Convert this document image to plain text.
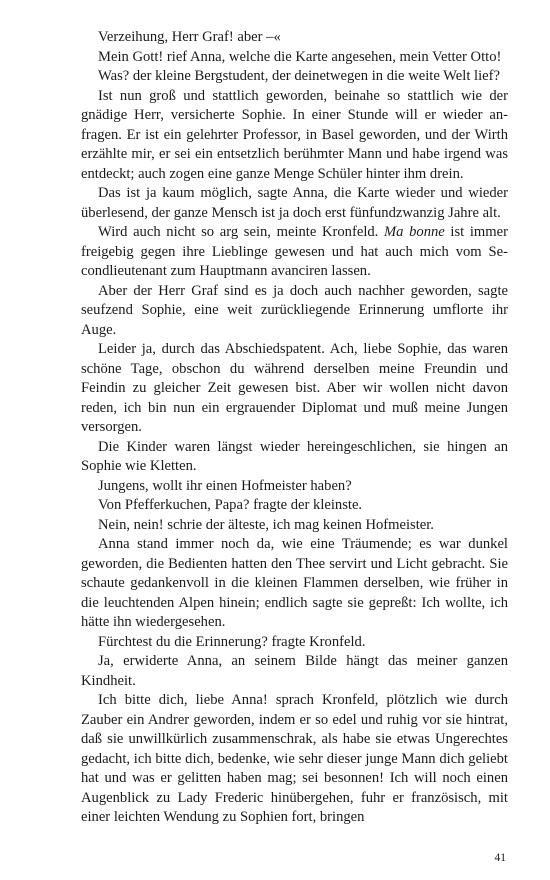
Verzeihung, Herr Graf! aber –«

Mein Gott! rief Anna, welche die Karte angesehen, mein Vetter Otto!

Was? der kleine Bergstudent, der deinetwegen in die weite Welt lief?

Ist nun groß und stattlich geworden, beinahe so stattlich wie der gnädige Herr, versicherte Sophie. In einer Stunde will er wieder anfragen. Er ist ein gelehrter Professor, in Basel geworden, und der Wirth erzählte mir, er sei ein entsetzlich berühmter Mann und habe irgend was entdeckt; auch zogen eine ganze Menge Schüler hinter ihm drein.

Das ist ja kaum möglich, sagte Anna, die Karte wieder und wieder überlesend, der ganze Mensch ist ja doch erst fünfundzwanzig Jahre alt.

Wird auch nicht so arg sein, meinte Kronfeld. Ma bonne ist immer freigebig gegen ihre Lieblinge gewesen und hat auch mich vom Secondlieutenant zum Hauptmann avanciren lassen.

Aber der Herr Graf sind es ja doch auch nachher geworden, sagte seufzend Sophie, eine weit zurückliegende Erinnerung umflorte ihr Auge.

Leider ja, durch das Abschiedspatent. Ach, liebe Sophie, das waren schöne Tage, obschon du während derselben meine Freundin und Feindin zu gleicher Zeit gewesen bist. Aber wir wollen nicht davon reden, ich bin nun ein ergrauender Diplomat und muß meine Jungen versorgen.

Die Kinder waren längst wieder hereingeschlichen, sie hingen an Sophie wie Kletten.

Jungens, wollt ihr einen Hofmeister haben?

Von Pfefferkuchen, Papa? fragte der kleinste.

Nein, nein! schrie der älteste, ich mag keinen Hofmeister.

Anna stand immer noch da, wie eine Träumende; es war dunkel geworden, die Bedienten hatten den Thee servirt und Licht gebracht. Sie schaute gedankenvoll in die kleinen Flammen derselben, wie früher in die leuchtenden Alpen hinein; endlich sagte sie gepreßt: Ich wollte, ich hätte ihn wiedergesehen.

Fürchtest du die Erinnerung? fragte Kronfeld.

Ja, erwiderte Anna, an seinem Bilde hängt das meiner ganzen Kindheit.

Ich bitte dich, liebe Anna! sprach Kronfeld, plötzlich wie durch Zauber ein Andrer geworden, indem er so edel und ruhig vor sie hintrat, daß sie unwillkürlich zusammenschrak, als habe sie etwas Ungerechtes gedacht, ich bitte dich, bedenke, wie sehr dieser junge Mann dich geliebt hat und was er gelitten haben mag; sei besonnen! Ich will noch einen Augenblick zu Lady Frederic hinübergehen, fuhr er französisch, mit einer leichten Wendung zu Sophien fort, bringen

41
